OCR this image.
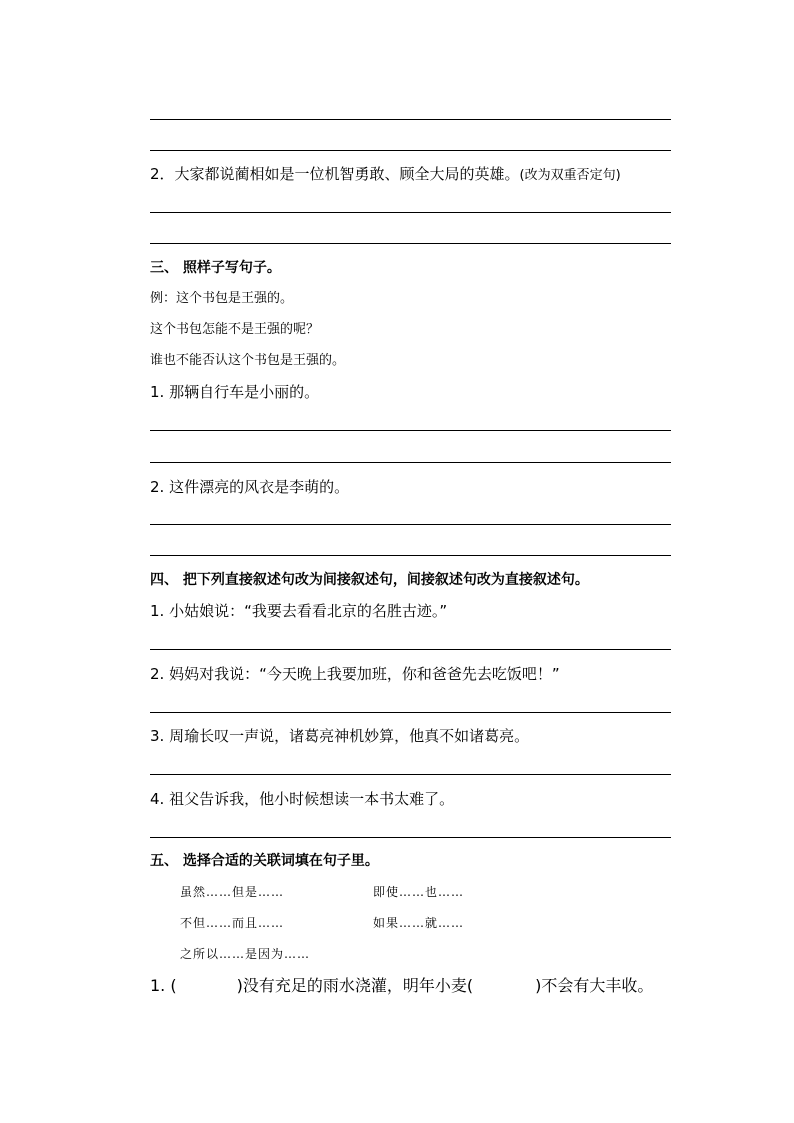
2．大家都说蔺相如是一位机智勇敢、顾全大局的英雄。(改为双重否定句)
三、 照样子写句子。
例：这个书包是王强的。
这个书包怎能不是王强的呢？
谁也不能否认这个书包是王强的。
1. 那辆自行车是小丽的。
2. 这件漂亮的风衣是李萌的。
四、 把下列直接叙述句改为间接叙述句，间接叙述句改为直接叙述句。
1. 小姑娘说：“我要去看看北京的名胜古迹。”
2. 妈妈对我说：“今天晚上我要加班，你和爸爸先去吃饭吧！”
3. 周瑜长叹一声说，诸葛亮神机妙算，他真不如诸葛亮。
4. 祖父告诉我，他小时候想读一本书太难了。
五、 选择合适的关联词填在句子里。
虽然……但是……	即使……也……
不但……而且……	如果……就……
之所以……是因为……
1. (	)没有充足的雨水浇灌，明年小麦(	)不会有大丰收。
